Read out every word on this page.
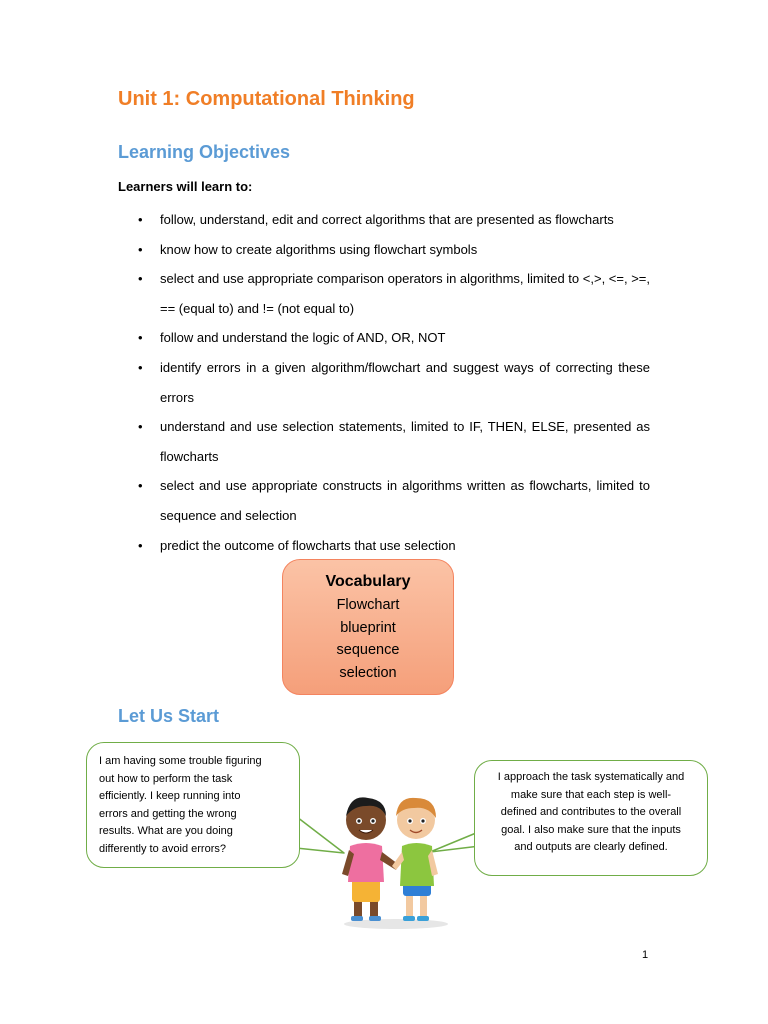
Unit 1: Computational Thinking
Learning Objectives

Learners will learn to:

• follow, understand, edit and correct algorithms that are presented as flowcharts
• know how to create algorithms using flowchart symbols
• select and use appropriate comparison operators in algorithms, limited to <,>, <=, >=, == (equal to) and != (not equal to)
• follow and understand the logic of AND, OR, NOT
• identify errors in a given algorithm/flowchart and suggest ways of correcting these errors
• understand and use selection statements, limited to IF, THEN, ELSE, presented as flowcharts
• select and use appropriate constructs in algorithms written as flowcharts, limited to sequence and selection
• predict the outcome of flowcharts that use selection
Vocabulary
Flowchart
blueprint
sequence
selection
Let Us Start
I am having some trouble figuring
out how to perform the task
efficiently. I keep running into
errors and getting the wrong
results. What are you doing
differently to avoid errors?
I approach the task systematically and
make sure that each step is well-
defined and contributes to the overall
goal. I also make sure that the inputs
and outputs are clearly defined.
1
